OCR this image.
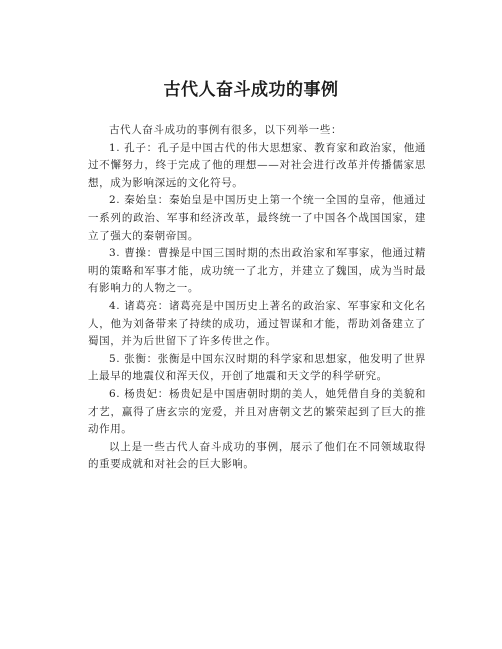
古代人奋斗成功的事例

古代人奋斗成功的事例有很多，以下列举一些：

1. 孔子：孔子是中国古代的伟大思想家、教育家和政治家，他通过不懈努力，终于完成了他的理想——对社会进行改革并传播儒家思想，成为影响深远的文化符号。

2. 秦始皇：秦始皇是中国历史上第一个统一全国的皇帝，他通过一系列的政治、军事和经济改革，最终统一了中国各个战国国家，建立了强大的秦朝帝国。

3. 曹操：曹操是中国三国时期的杰出政治家和军事家，他通过精明的策略和军事才能，成功统一了北方，并建立了魏国，成为当时最有影响力的人物之一。

4. 诸葛亮：诸葛亮是中国历史上著名的政治家、军事家和文化名人，他为刘备带来了持续的成功，通过智谋和才能，帮助刘备建立了蜀国，并为后世留下了许多传世之作。

5. 张衡：张衡是中国东汉时期的科学家和思想家，他发明了世界上最早的地震仪和浑天仪，开创了地震和天文学的科学研究。

6. 杨贵妃：杨贵妃是中国唐朝时期的美人，她凭借自身的美貌和才艺，赢得了唐玄宗的宠爱，并且对唐朝文艺的繁荣起到了巨大的推动作用。

以上是一些古代人奋斗成功的事例，展示了他们在不同领域取得的重要成就和对社会的巨大影响。
